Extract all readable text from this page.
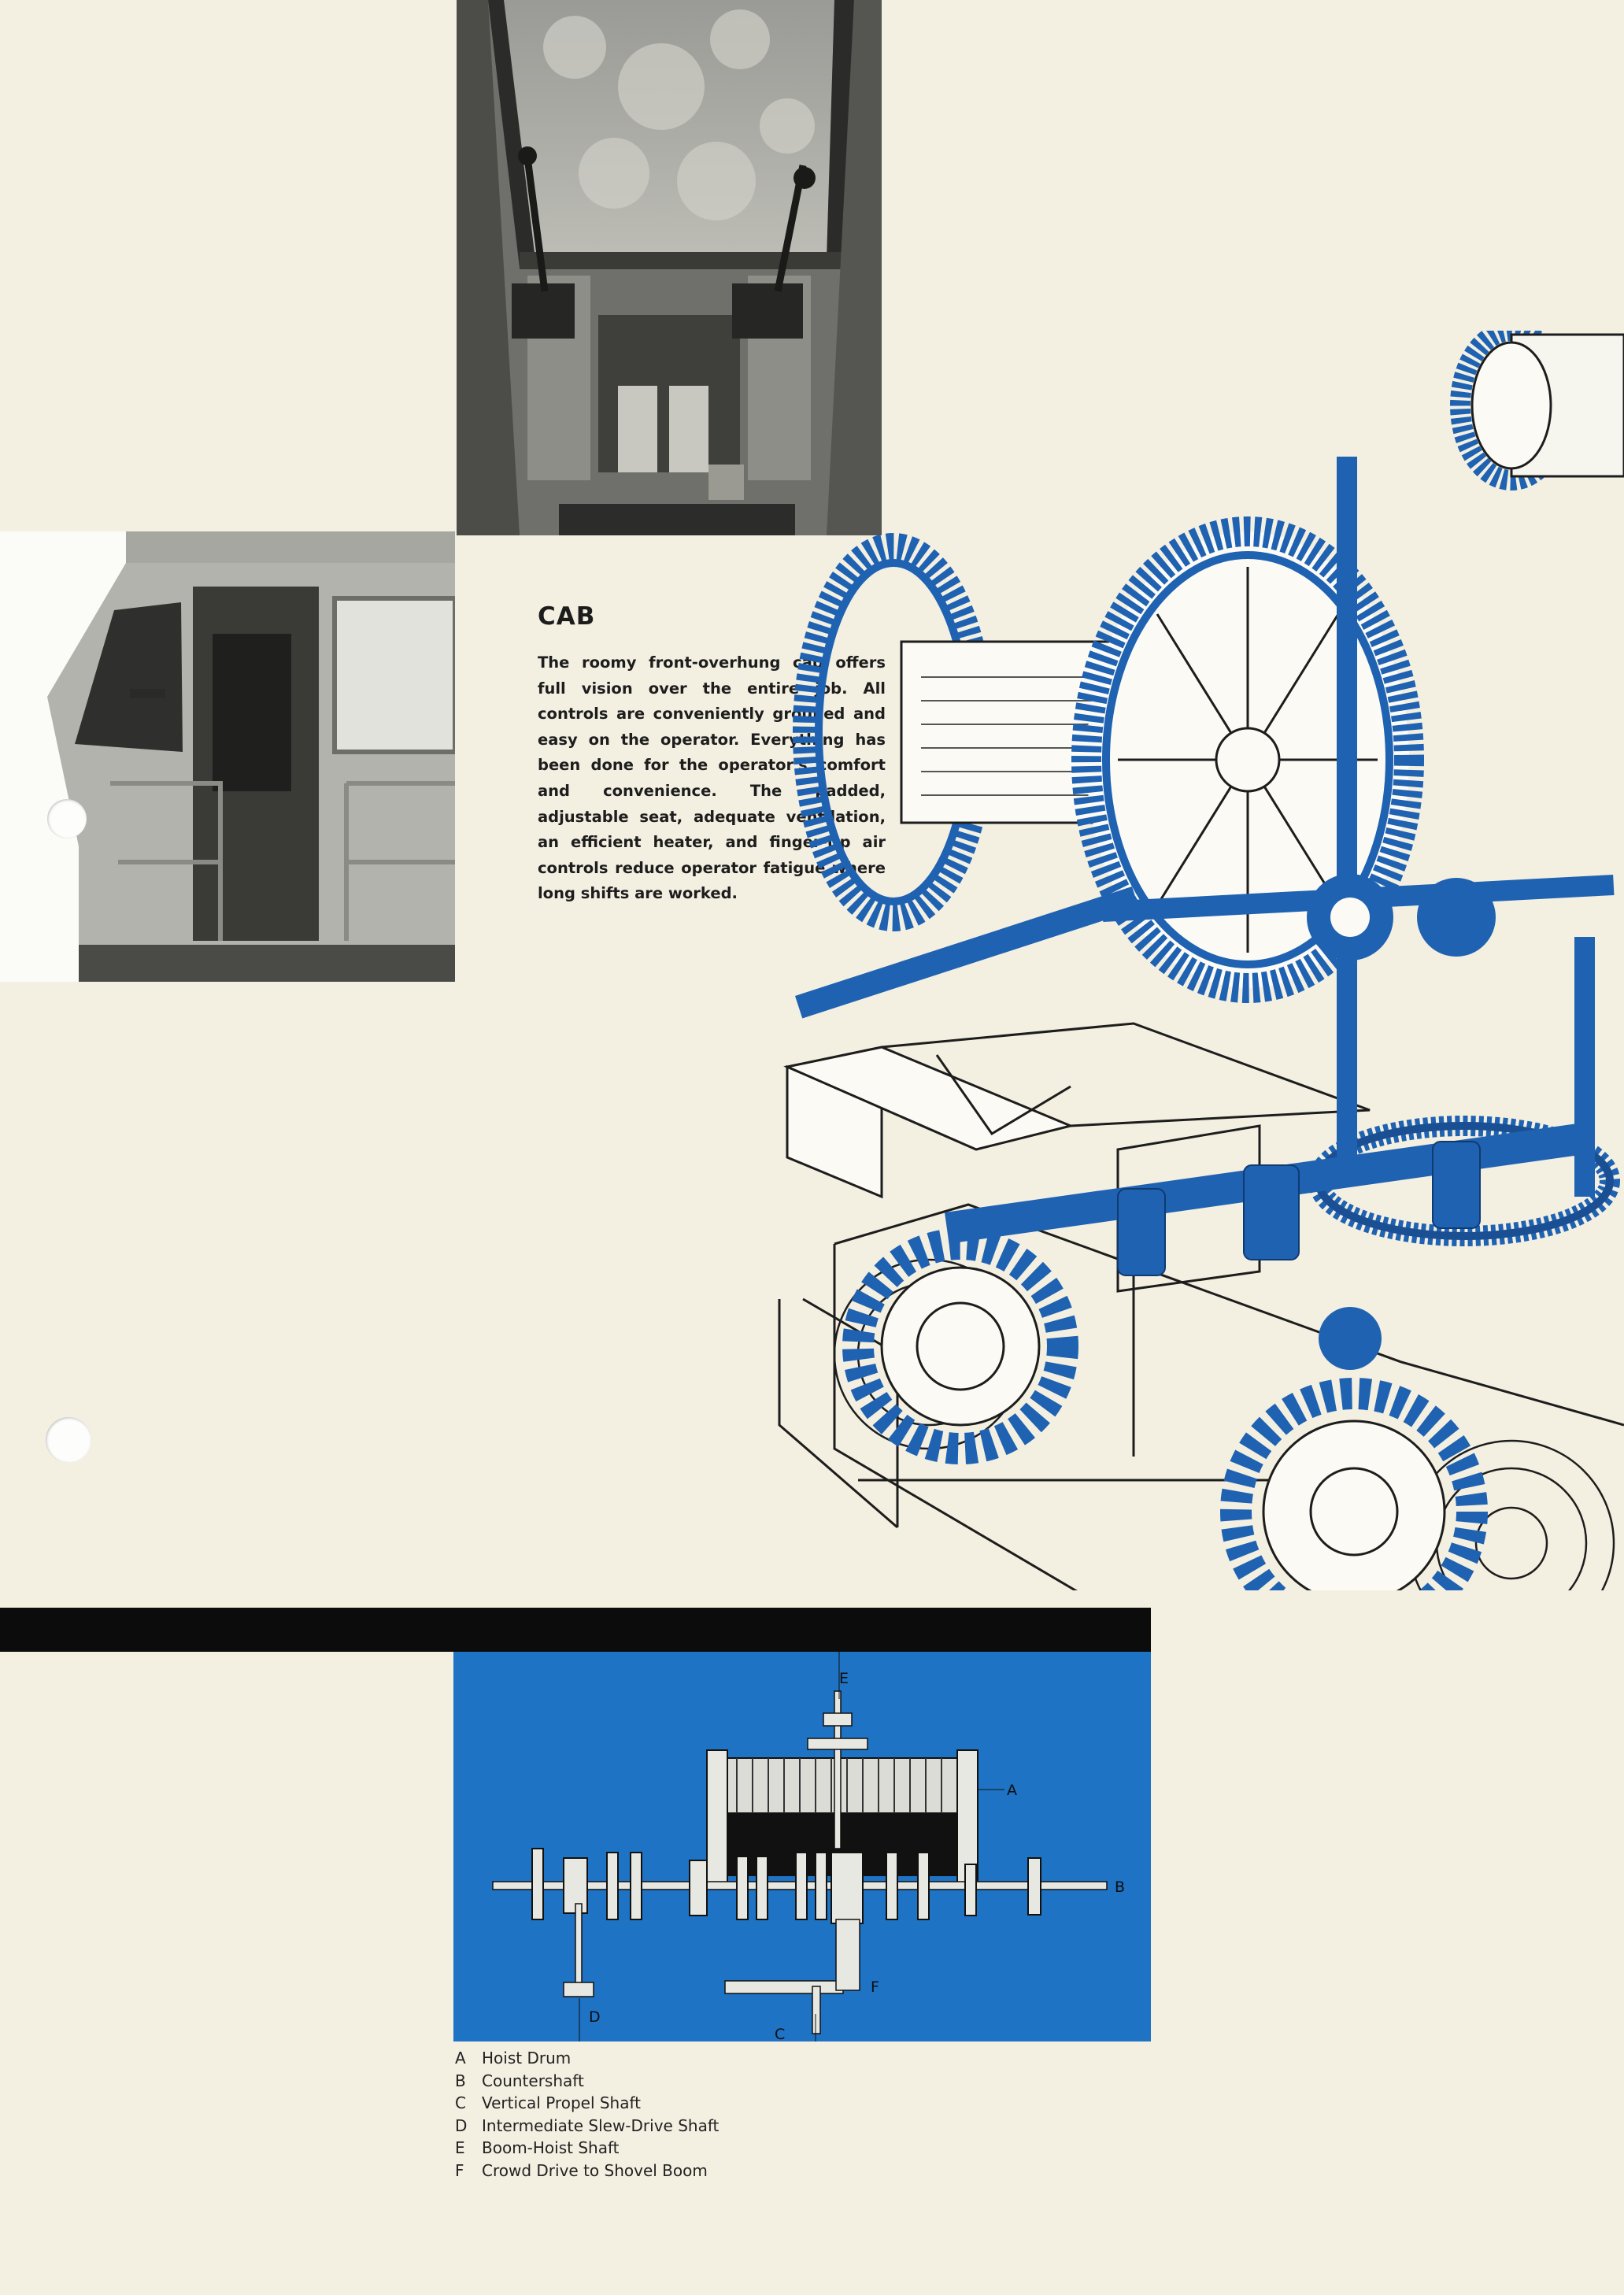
CAB
The roomy front-overhung cab offers full vision over the entire job. All controls are conveniently grouped and easy on the operator. Everything has been done for the operator's comfort and convenience. The padded, adjustable seat, adequate ventilation, an efficient heater, and finger-tip air controls reduce operator fatigue where long shifts are worked.
E
A
B
F
D
C
A	Hoist Drum
B	Countershaft
C	Vertical Propel Shaft
D Intermediate Slew-Drive Shaft
E	Boom-Hoist Shaft
F	Crowd Drive to Shovel Boom
